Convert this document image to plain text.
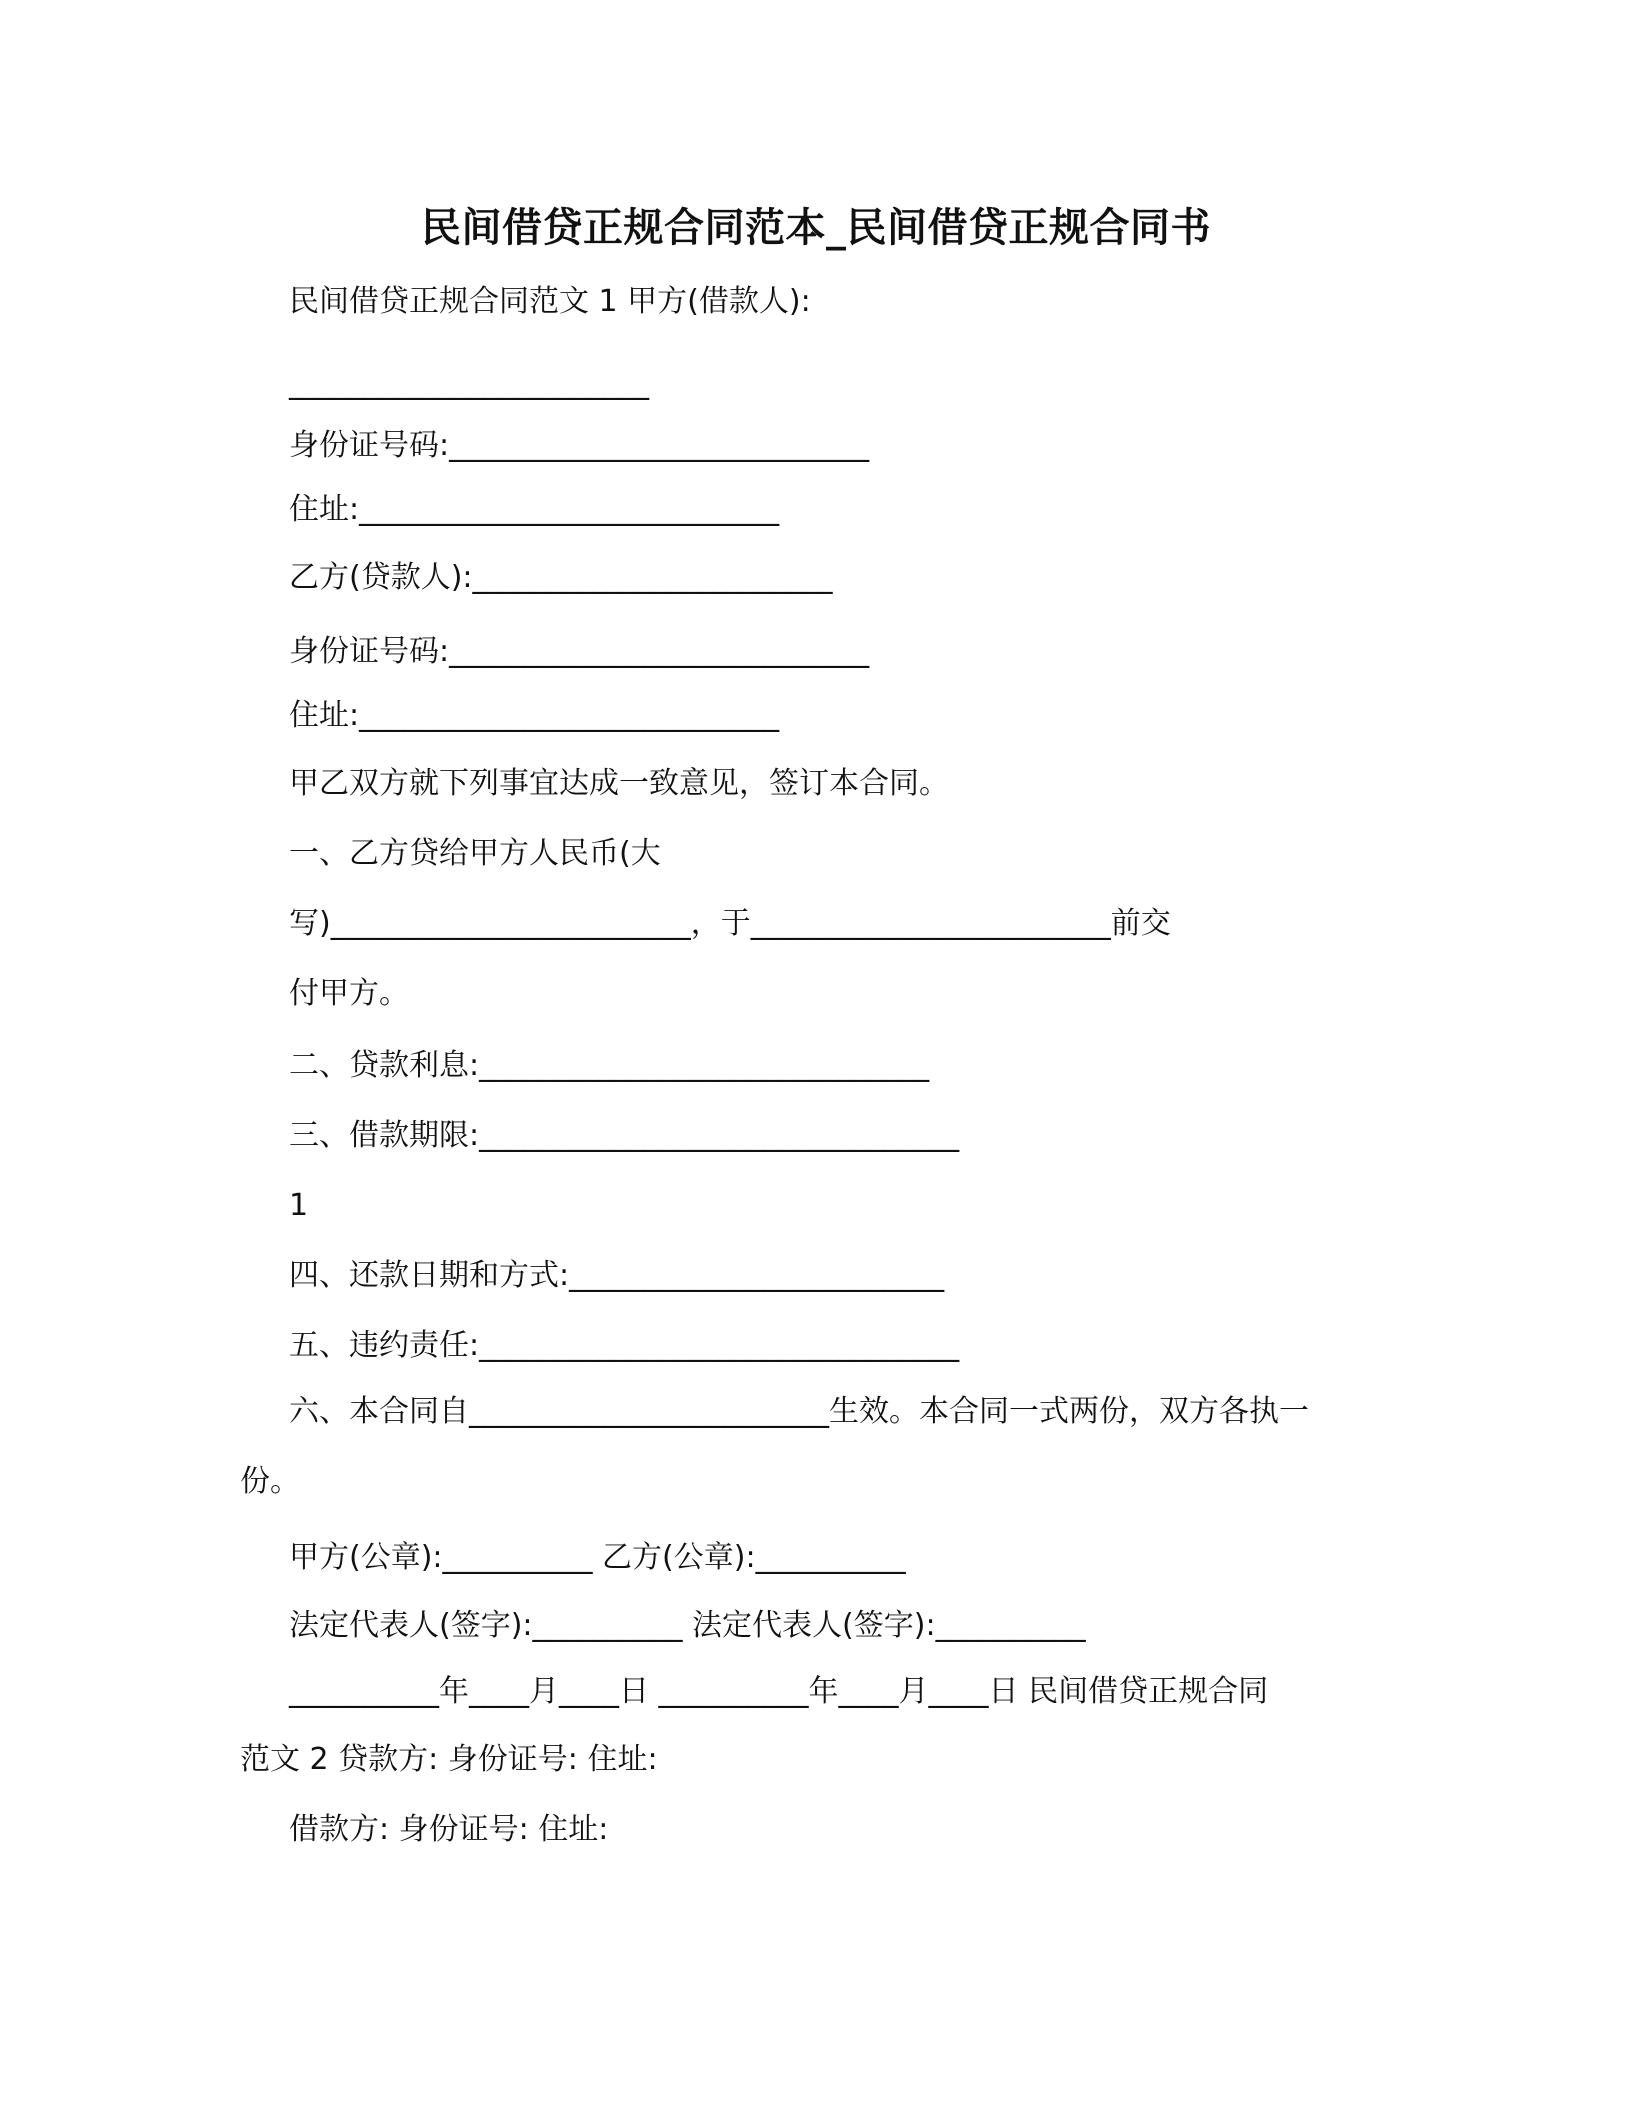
民间借贷正规合同范本_民间借贷正规合同书
民间借贷正规合同范文 1 甲方(借款人):
________________________
身份证号码:____________________________
住址:____________________________
乙方(贷款人):________________________
身份证号码:____________________________
住址:____________________________
甲乙双方就下列事宜达成一致意见，签订本合同。
一、乙方贷给甲方人民币(大
写)________________________，于________________________前交
付甲方。
二、贷款利息:______________________________
三、借款期限:________________________________
1
四、还款日期和方式:_________________________
五、违约责任:________________________________
六、本合同自________________________生效。本合同一式两份，双方各执一
份。
甲方(公章):__________ 乙方(公章):__________
法定代表人(签字):__________ 法定代表人(签字):__________
__________年____月____日 __________年____月____日 民间借贷正规合同
范文 2 贷款方: 身份证号: 住址:
借款方: 身份证号: 住址:
